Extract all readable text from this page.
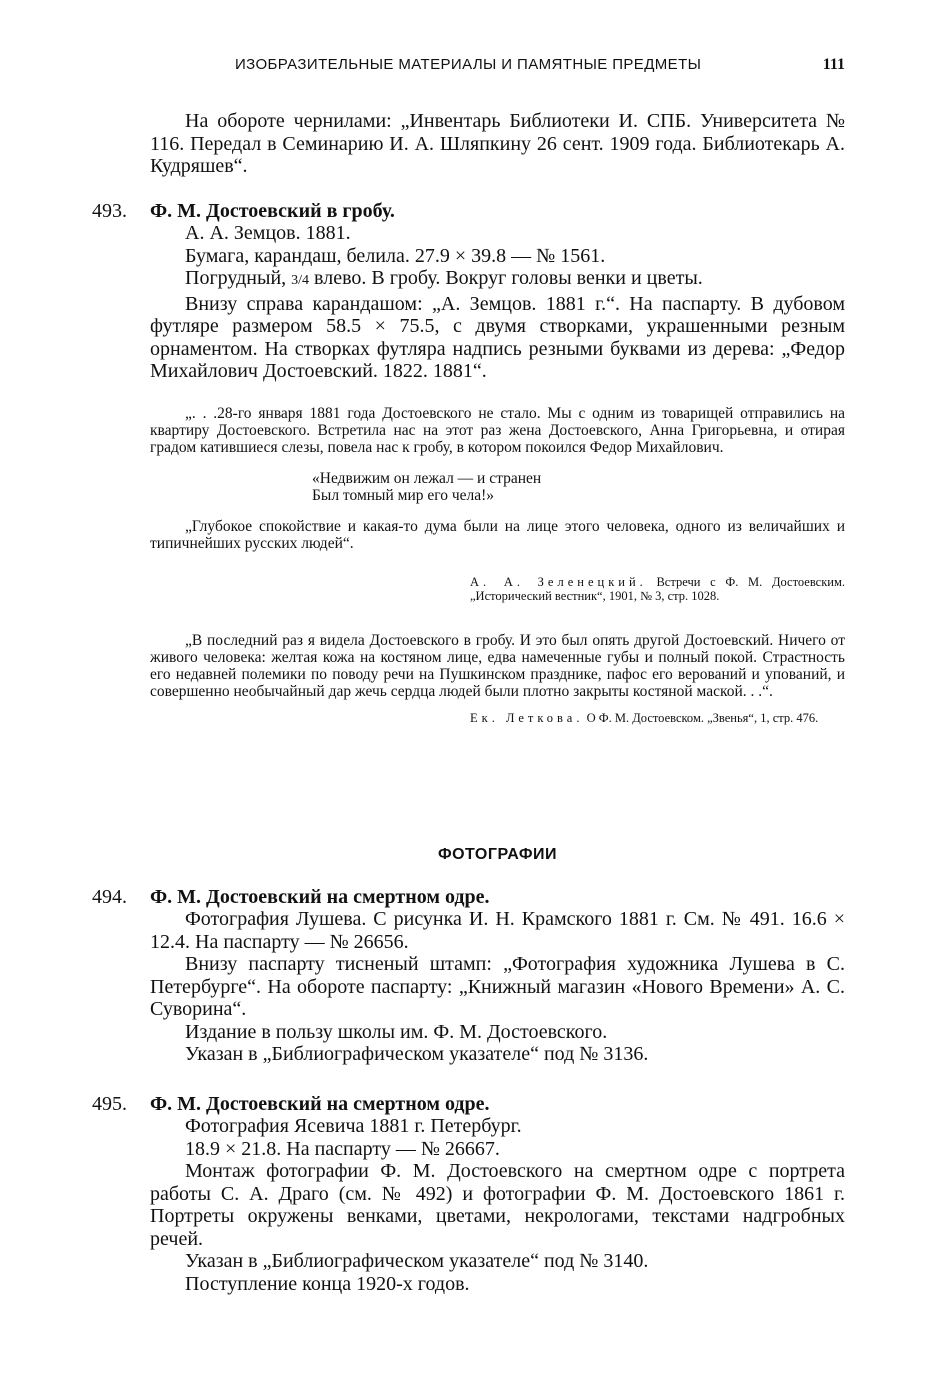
ИЗОБРАЗИТЕЛЬНЫЕ МАТЕРИАЛЫ И ПАМЯТНЫЕ ПРЕДМЕТЫ	111

На обороте чернилами: „Инвентарь Библиотеки И. СПБ. Университета № 116. Передал в Семинарию И. А. Шляпкину 26 сент. 1909 года. Библиотекарь А. Кудряшев“.

493. Ф. М. Достоевский в гробу.

А. А. Земцов. 1881.

Бумага, карандаш, белила. 27.9 × 39.8 — № 1561.

Погрудный, 3/4 влево. В гробу. Вокруг головы венки и цветы.

Внизу справа карандашом: „А. Земцов. 1881 г.“. На паспарту. В дубовом футляре размером 58.5 × 75.5, с двумя створками, украшенными резным орнаментом. На створках футляра надпись резными буквами из дерева: „Федор Михайлович Достоевский. 1822. 1881“.

„. . .28-го января 1881 года Достоевского не стало. Мы с одним из товарищей отправились на квартиру Достоевского. Встретила нас на этот раз жена Достоевского, Анна Григорьевна, и отирая градом катившиеся слезы, повела нас к гробу, в котором покоился Федор Михайлович.

«Недвижим он лежал — и странен
Был томный мир его чела!»

„Глубокое спокойствие и какая-то дума были на лице этого человека, одного из величайших и типичнейших русских людей“.

А. А. Зеленецкий. Встречи с Ф. М. Достоевским. „Исторический вестник“, 1901, № 3, стр. 1028.

„В последний раз я видела Достоевского в гробу. И это был опять другой Достоевский. Ничего от живого человека: желтая кожа на костяном лице, едва намеченные губы и полный покой. Страстность его недавней полемики по поводу речи на Пушкинском празднике, пафос его верований и упований, и совершенно необычайный дар жечь сердца людей были плотно закрыты костяной маской. . .“.

Ек. Леткова. О Ф. М. Достоевском. „Звенья“, 1, стр. 476.

ФОТОГРАФИИ
494. Ф. М. Достоевский на смертном одре.

Фотография Лушева. С рисунка И. Н. Крамского 1881 г. См. № 491. 16.6 × 12.4. На паспарту — № 26656.

Внизу паспарту тисненый штамп: „Фотография художника Лушева в С. Петербурге“. На обороте паспарту: „Книжный магазин «Нового Времени» А. С. Суворина“.

Издание в пользу школы им. Ф. М. Достоевского.

Указан в „Библиографическом указателе“ под № 3136.

495. Ф. М. Достоевский на смертном одре.

Фотография Ясевича 1881 г. Петербург.

18.9 × 21.8. На паспарту — № 26667.

Монтаж фотографии Ф. М. Достоевского на смертном одре с портрета работы С. А. Драго (см. № 492) и фотографии Ф. М. Достоевского 1861 г. Портреты окружены венками, цветами, некрологами, текстами надгробных речей.

Указан в „Библиографическом указателе“ под № 3140.

Поступление конца 1920-х годов.
